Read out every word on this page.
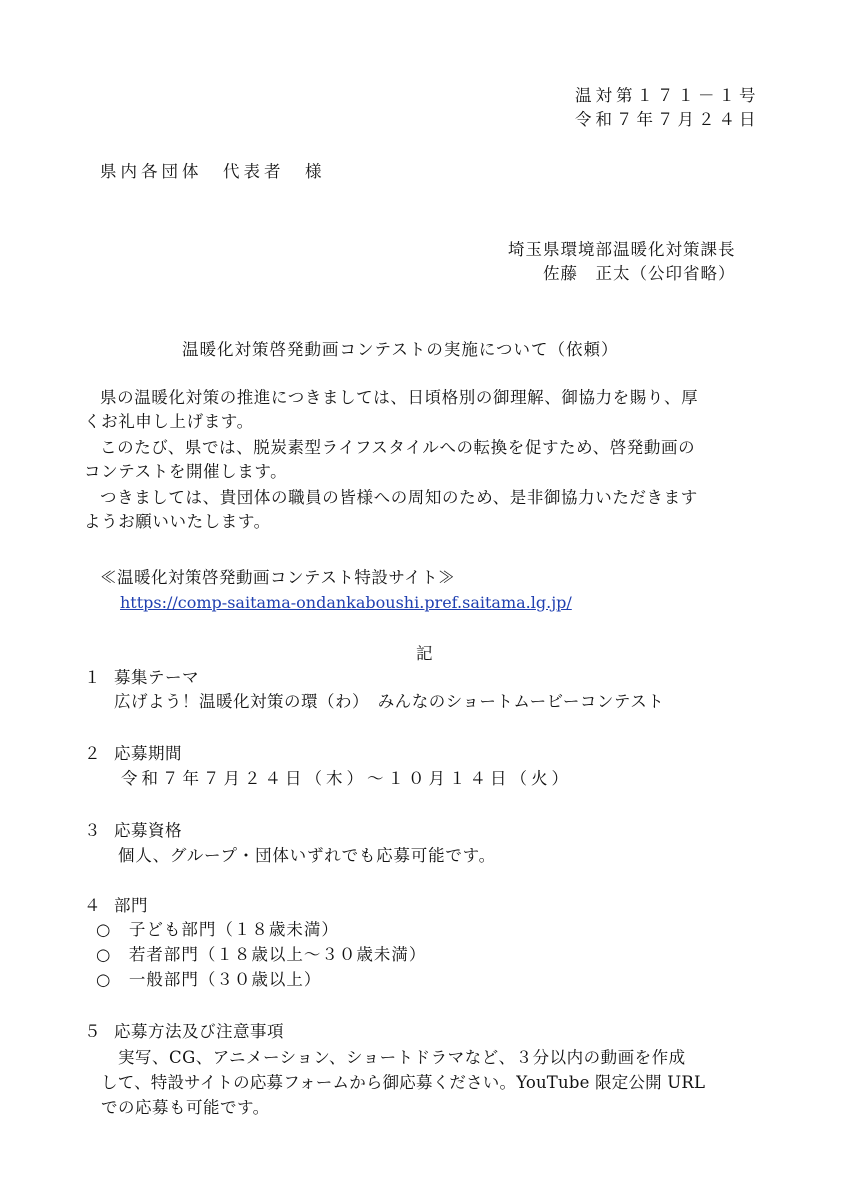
温対第１７１－１号
令和７年７月２４日
県内各団体　代表者　様
埼玉県環境部温暖化対策課長
佐藤　正太（公印省略）
温暖化対策啓発動画コンテストの実施について（依頼）
県の温暖化対策の推進につきましては、日頃格別の御理解、御協力を賜り、厚
くお礼申し上げます。
このたび、県では、脱炭素型ライフスタイルへの転換を促すため、啓発動画の
コンテストを開催します。
つきましては、貴団体の職員の皆様への周知のため、是非御協力いただきます
ようお願いいたします。
≪温暖化対策啓発動画コンテスト特設サイト≫
https://comp-saitama-ondankaboushi.pref.saitama.lg.jp/
記
１ 募集テーマ
広げよう！温暖化対策の環（わ）　みんなのショートムービーコンテスト
２ 応募期間
令和７年７月２４日（木）～１０月１４日（火）
３ 応募資格
個人、グループ・団体いずれでも応募可能です。
４ 部門
○　子ども部門（１８歳未満）
○　若者部門（１８歳以上～３０歳未満）
○　一般部門（３０歳以上）
５ 応募方法及び注意事項
実写、CG、アニメーション、ショートドラマなど、３分以内の動画を作成
して、特設サイトの応募フォームから御応募ください。YouTube 限定公開 URL
での応募も可能です。
